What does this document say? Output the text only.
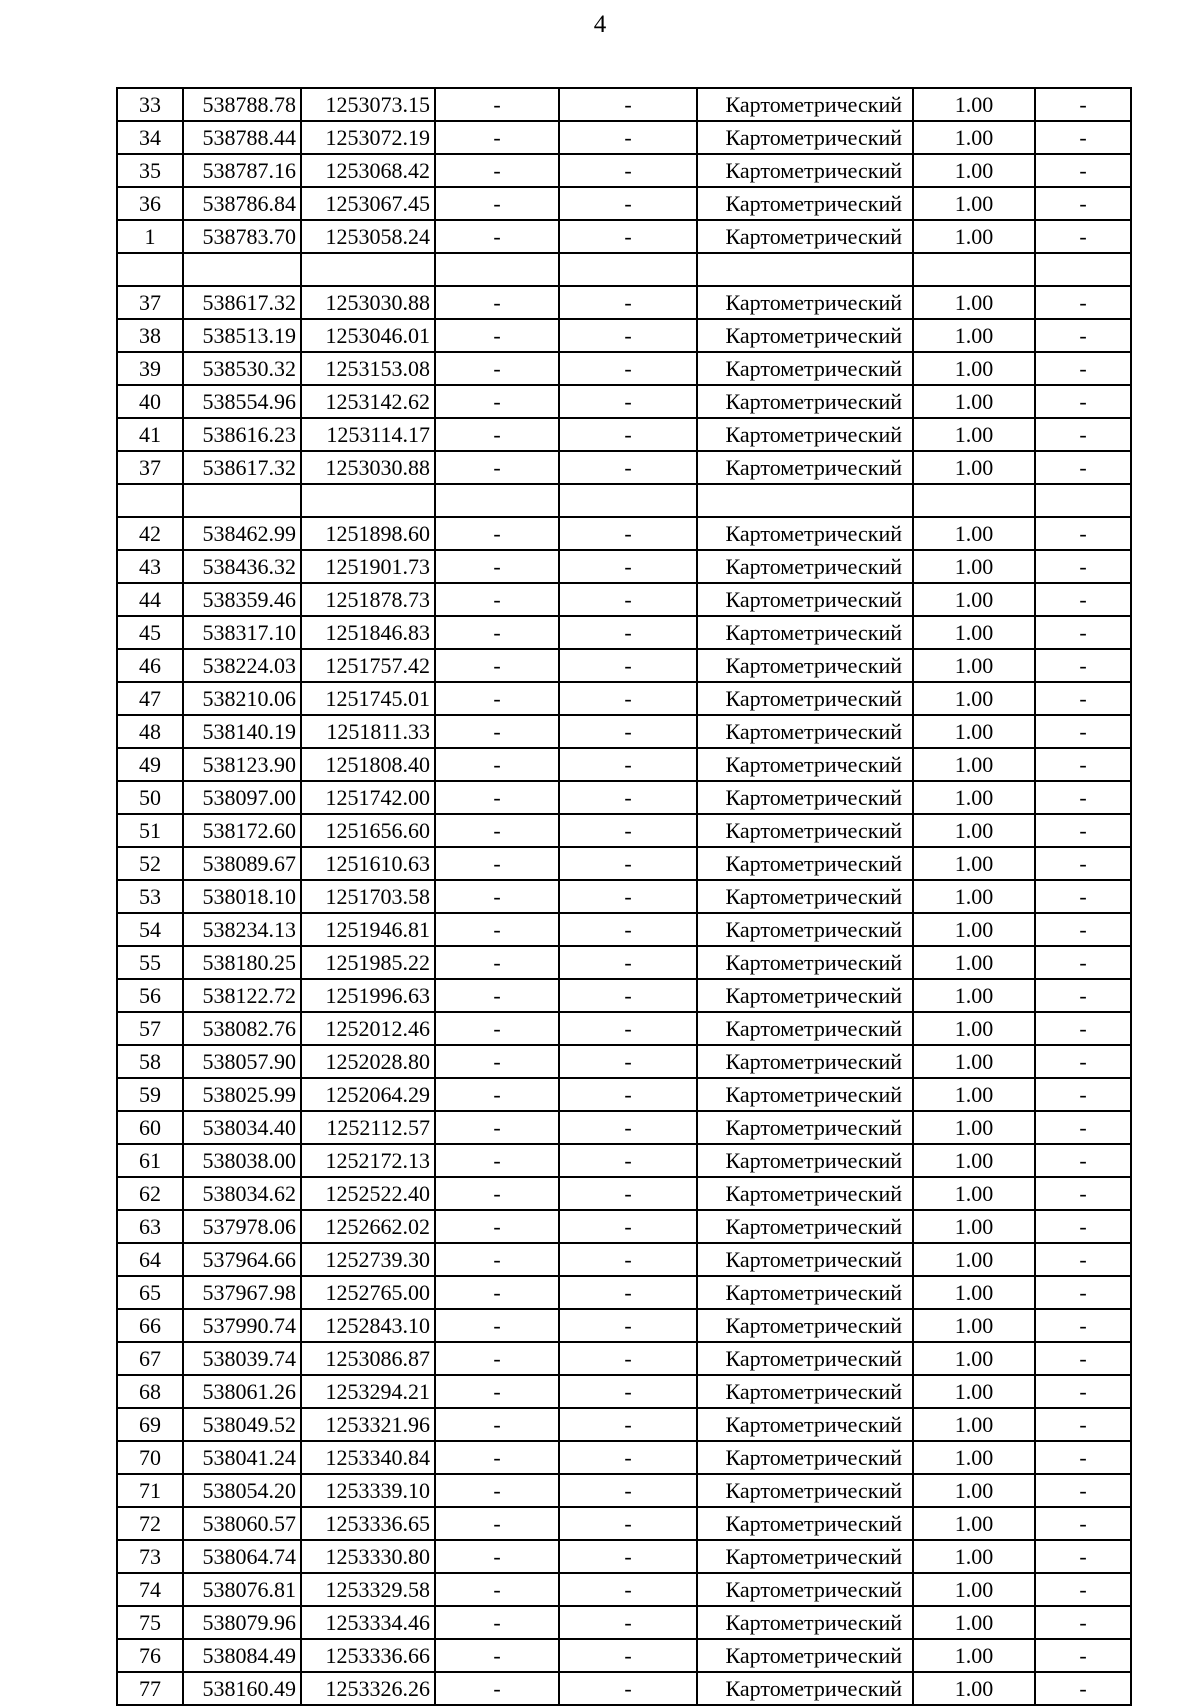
4
33	538788.78	1253073.15	-	-	Картометрический	1.00	-
34	538788.44	1253072.19	-	-	Картометрический	1.00	-
35	538787.16	1253068.42	-	-	Картометрический	1.00	-
36	538786.84	1253067.45	-	-	Картометрический	1.00	-
1	538783.70	1253058.24	-	-	Картометрический	1.00	-

37	538617.32	1253030.88	-	-	Картометрический	1.00	-
38	538513.19	1253046.01	-	-	Картометрический	1.00	-
39	538530.32	1253153.08	-	-	Картометрический	1.00	-
40	538554.96	1253142.62	-	-	Картометрический	1.00	-
41	538616.23	1253114.17	-	-	Картометрический	1.00	-
37	538617.32	1253030.88	-	-	Картометрический	1.00	-

42	538462.99	1251898.60	-	-	Картометрический	1.00	-
43	538436.32	1251901.73	-	-	Картометрический	1.00	-
44	538359.46	1251878.73	-	-	Картометрический	1.00	-
45	538317.10	1251846.83	-	-	Картометрический	1.00	-
46	538224.03	1251757.42	-	-	Картометрический	1.00	-
47	538210.06	1251745.01	-	-	Картометрический	1.00	-
48	538140.19	1251811.33	-	-	Картометрический	1.00	-
49	538123.90	1251808.40	-	-	Картометрический	1.00	-
50	538097.00	1251742.00	-	-	Картометрический	1.00	-
51	538172.60	1251656.60	-	-	Картометрический	1.00	-
52	538089.67	1251610.63	-	-	Картометрический	1.00	-
53	538018.10	1251703.58	-	-	Картометрический	1.00	-
54	538234.13	1251946.81	-	-	Картометрический	1.00	-
55	538180.25	1251985.22	-	-	Картометрический	1.00	-
56	538122.72	1251996.63	-	-	Картометрический	1.00	-
57	538082.76	1252012.46	-	-	Картометрический	1.00	-
58	538057.90	1252028.80	-	-	Картометрический	1.00	-
59	538025.99	1252064.29	-	-	Картометрический	1.00	-
60	538034.40	1252112.57	-	-	Картометрический	1.00	-
61	538038.00	1252172.13	-	-	Картометрический	1.00	-
62	538034.62	1252522.40	-	-	Картометрический	1.00	-
63	537978.06	1252662.02	-	-	Картометрический	1.00	-
64	537964.66	1252739.30	-	-	Картометрический	1.00	-
65	537967.98	1252765.00	-	-	Картометрический	1.00	-
66	537990.74	1252843.10	-	-	Картометрический	1.00	-
67	538039.74	1253086.87	-	-	Картометрический	1.00	-
68	538061.26	1253294.21	-	-	Картометрический	1.00	-
69	538049.52	1253321.96	-	-	Картометрический	1.00	-
70	538041.24	1253340.84	-	-	Картометрический	1.00	-
71	538054.20	1253339.10	-	-	Картометрический	1.00	-
72	538060.57	1253336.65	-	-	Картометрический	1.00	-
73	538064.74	1253330.80	-	-	Картометрический	1.00	-
74	538076.81	1253329.58	-	-	Картометрический	1.00	-
75	538079.96	1253334.46	-	-	Картометрический	1.00	-
76	538084.49	1253336.66	-	-	Картометрический	1.00	-
77	538160.49	1253326.26	-	-	Картометрический	1.00	-
